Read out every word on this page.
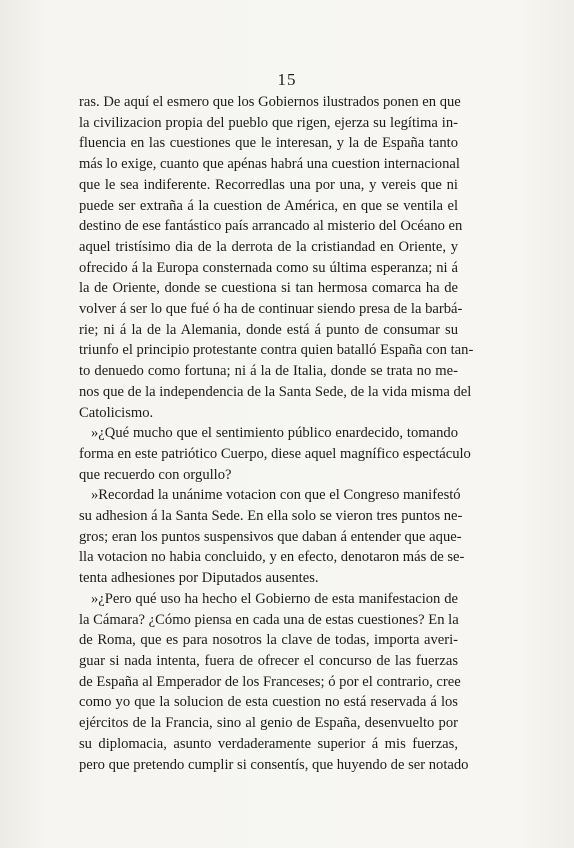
15

ras. De aquí el esmero que los Gobiernos ilustrados ponen en que
la civilizacion propia del pueblo que rigen, ejerza su legítima in-
fluencia en las cuestiones que le interesan, y la de España tanto
más lo exige, cuanto que apénas habrá una cuestion internacional
que le sea indiferente. Recorredlas una por una, y vereis que ni
puede ser extraña á la cuestion de América, en que se ventila el
destino de ese fantástico país arrancado al misterio del Océano en
aquel tristísimo dia de la derrota de la cristiandad en Oriente, y
ofrecido á la Europa consternada como su última esperanza; ni á
la de Oriente, donde se cuestiona si tan hermosa comarca ha de
volver á ser lo que fué ó ha de continuar siendo presa de la barbá-
rie; ni á la de la Alemania, donde está á punto de consumar su
triunfo el principio protestante contra quien batalló España con tan-
to denuedo como fortuna; ni á la de Italia, donde se trata no me-
nos que de la independencia de la Santa Sede, de la vida misma del
Catolicismo.

»¿Qué mucho que el sentimiento público enardecido, tomando
forma en este patriótico Cuerpo, diese aquel magnífico espectáculo
que recuerdo con orgullo?

»Recordad la unánime votacion con que el Congreso manifestó
su adhesion á la Santa Sede. En ella solo se vieron tres puntos ne-
gros; eran los puntos suspensivos que daban á entender que aque-
lla votacion no habia concluido, y en efecto, denotaron más de se-
tenta adhesiones por Diputados ausentes.

»¿Pero qué uso ha hecho el Gobierno de esta manifestacion de
la Cámara? ¿Cómo piensa en cada una de estas cuestiones? En la
de Roma, que es para nosotros la clave de todas, importa averi-
guar si nada intenta, fuera de ofrecer el concurso de las fuerzas
de España al Emperador de los Franceses; ó por el contrario, cree
como yo que la solucion de esta cuestion no está reservada á los
ejércitos de la Francia, sino al genio de España, desenvuelto por
su diplomacia, asunto verdaderamente superior á mis fuerzas,
pero que pretendo cumplir si consentís, que huyendo de ser notado
